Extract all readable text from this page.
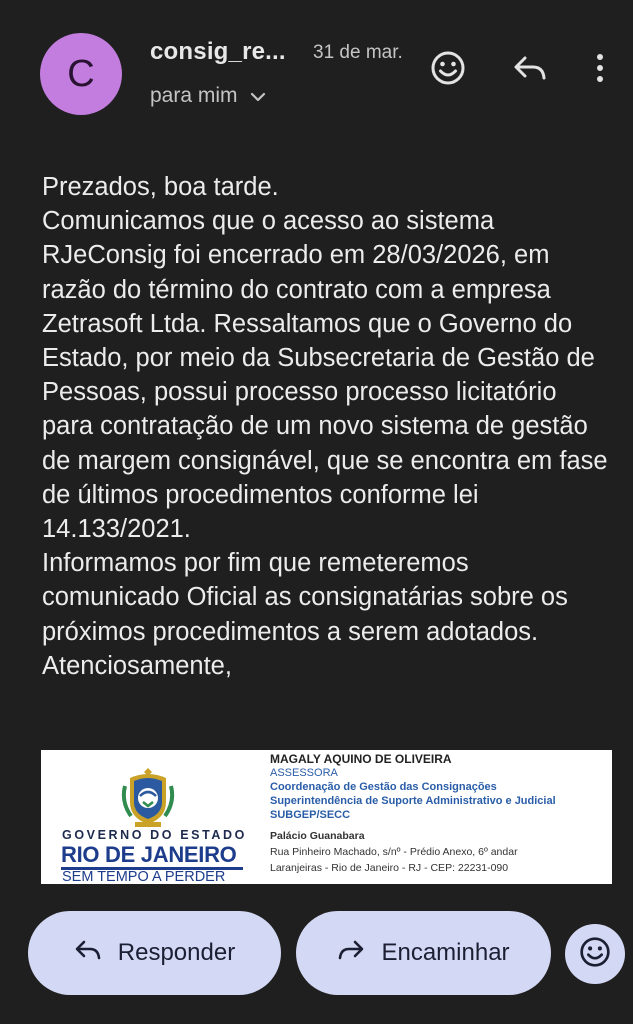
C
consig_re... 31 de mar.
para mim

Prezados, boa tarde.

Comunicamos que o acesso ao sistema RJeConsig foi encerrado em 28/03/2026, em razão do término do contrato com a empresa Zetrasoft Ltda. Ressaltamos que o Governo do Estado, por meio da Subsecretaria de Gestão de Pessoas, possui processo processo licitatório para contratação de um novo sistema de gestão de margem consignável, que se encontra em fase de últimos procedimentos conforme lei 14.133/2021.

Informamos por fim que remeteremos comunicado Oficial as consignatárias sobre os próximos procedimentos a serem adotados.

Atenciosamente,

GOVERNO DO ESTADO
RIO DE JANEIRO
SEM TEMPO A PERDER
MAGALY AQUINO DE OLIVEIRA
ASSESSORA
Coordenação de Gestão das Consignações
Superintendência de Suporte Administrativo e Judicial
SUBGEP/SECC
Palácio Guanabara
Rua Pinheiro Machado, s/nº - Prédio Anexo, 6º andar
Laranjeiras - Rio de Janeiro - RJ - CEP: 22231-090
Responder	Encaminhar
